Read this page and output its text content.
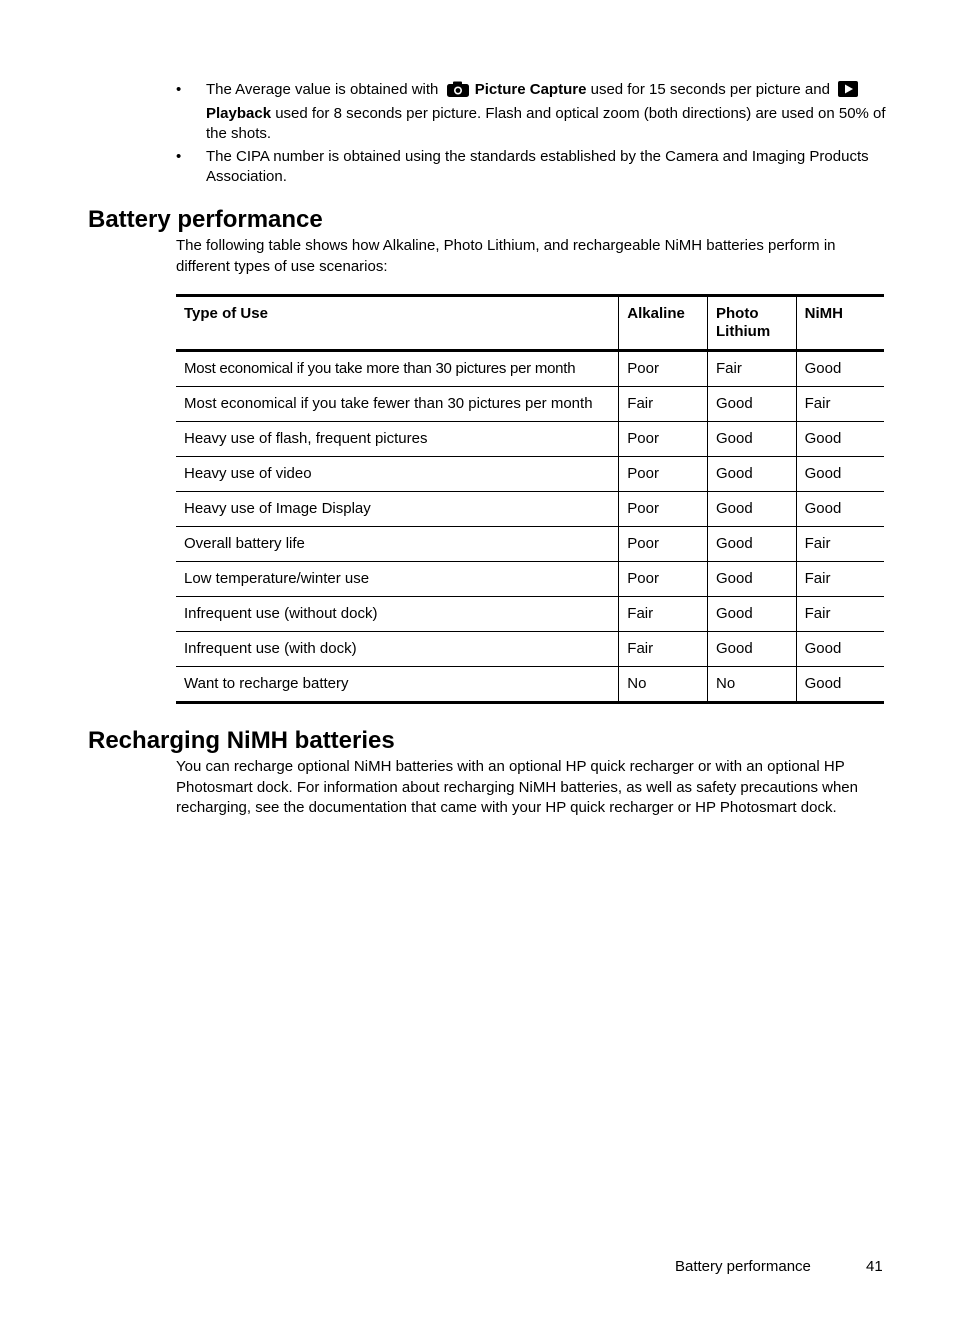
• The Average value is obtained with Picture Capture used for 15 seconds per picture and  Playback used for 8 seconds per picture. Flash and optical zoom (both directions) are used on 50% of the shots.
• The CIPA number is obtained using the standards established by the Camera and Imaging Products Association.
Battery performance

The following table shows how Alkaline, Photo Lithium, and rechargeable NiMH batteries perform in different types of use scenarios:

Type of Use	Alkaline	Photo Lithium	NiMH
Most economical if you take more than 30 pictures per month	Poor	Fair	Good
Most economical if you take fewer than 30 pictures per month	Fair	Good	Fair
Heavy use of flash, frequent pictures	Poor	Good	Good
Heavy use of video	Poor	Good	Good
Heavy use of Image Display	Poor	Good	Good
Overall battery life	Poor	Good	Fair
Low temperature/winter use	Poor	Good	Fair
Infrequent use (without dock)	Fair	Good	Fair
Infrequent use (with dock)	Fair	Good	Good
Want to recharge battery	No	No	Good
Recharging NiMH batteries

You can recharge optional NiMH batteries with an optional HP quick recharger or with an optional HP Photosmart dock. For information about recharging NiMH batteries, as well as safety precautions when recharging, see the documentation that came with your HP quick recharger or HP Photosmart dock.

Battery performance	41
